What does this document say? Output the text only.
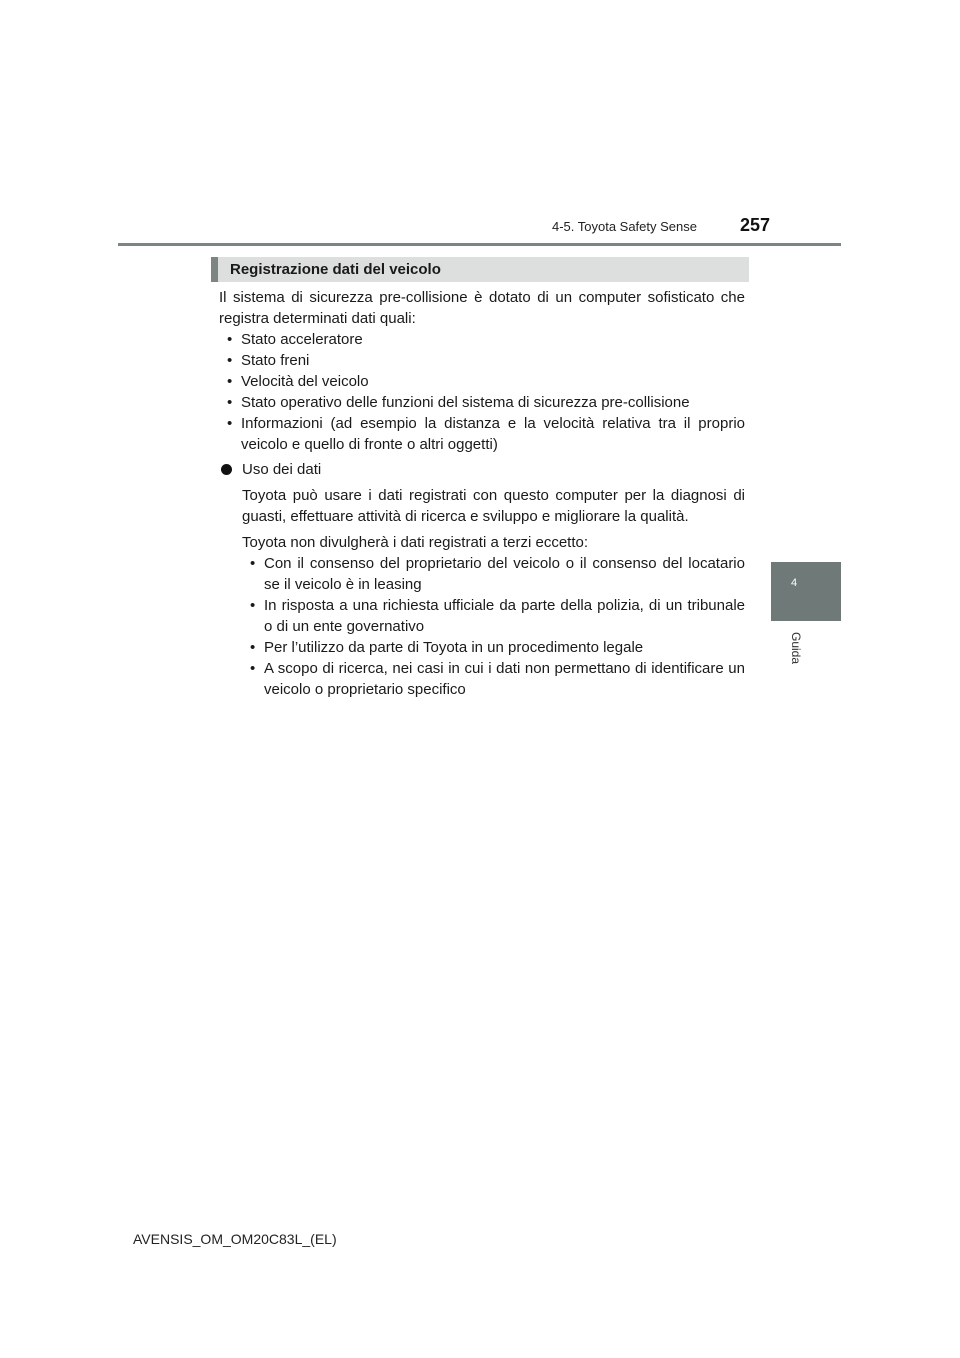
4-5. Toyota Safety Sense 257
4
Guida
Registrazione dati del veicolo

Il sistema di sicurezza pre-collisione è dotato di un computer sofisticato che registra determinati dati quali:

• Stato acceleratore
• Stato freni
• Velocità del veicolo
• Stato operativo delle funzioni del sistema di sicurezza pre-collisione
• Informazioni (ad esempio la distanza e la velocità relativa tra il proprio veicolo e quello di fronte o altri oggetti)
Uso dei dati

Toyota può usare i dati registrati con questo computer per la diagnosi di guasti, effettuare attività di ricerca e sviluppo e migliorare la qualità.

Toyota non divulgherà i dati registrati a terzi eccetto:

• Con il consenso del proprietario del veicolo o il consenso del locatario se il veicolo è in leasing
• In risposta a una richiesta ufficiale da parte della polizia, di un tribunale o di un ente governativo
• Per l’utilizzo da parte di Toyota in un procedimento legale
• A scopo di ricerca, nei casi in cui i dati non permettano di identificare un veicolo o proprietario specifico
AVENSIS_OM_OM20C83L_(EL)
